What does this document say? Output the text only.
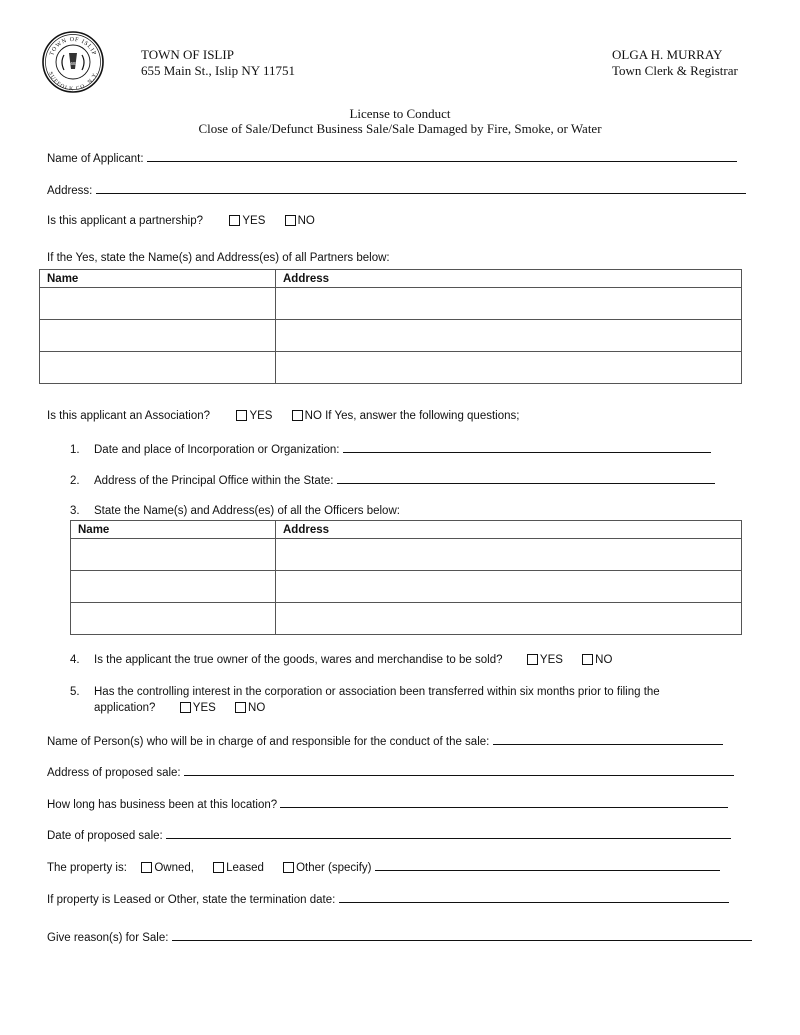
TOWN OF ISLIP
SUFFOLK CO. N.Y.
1683
TOWN OF ISLIP
655 Main St., Islip NY 11751
OLGA H. MURRAY
Town Clerk & Registrar
License to Conduct
Close of Sale/Defunct Business Sale/Sale Damaged by Fire, Smoke, or Water
Name of Applicant:
Address:
Is this applicant a partnership?	YES	NO
If the Yes, state the Name(s) and Address(es) of all Partners below:
Name	Address

Is this applicant an Association?	YES	NO If Yes, answer the following questions;
1. Date and place of Incorporation or Organization:
2. Address of the Principal Office within the State:
3. State the Name(s) and Address(es) of all the Officers below:
Name	Address

4. Is the applicant the true owner of the goods, wares and merchandise to be sold?	YES	NO
5. Has the controlling interest in the corporation or association been transferred within six months prior to filing the
application?	YES	NO
Name of Person(s) who will be in charge of and responsible for the conduct of the sale:
Address of proposed sale:
How long has business been at this location?
Date of proposed sale:
The property is: Owned,	Leased	Other (specify)
If property is Leased or Other, state the termination date:
Give reason(s) for Sale:
